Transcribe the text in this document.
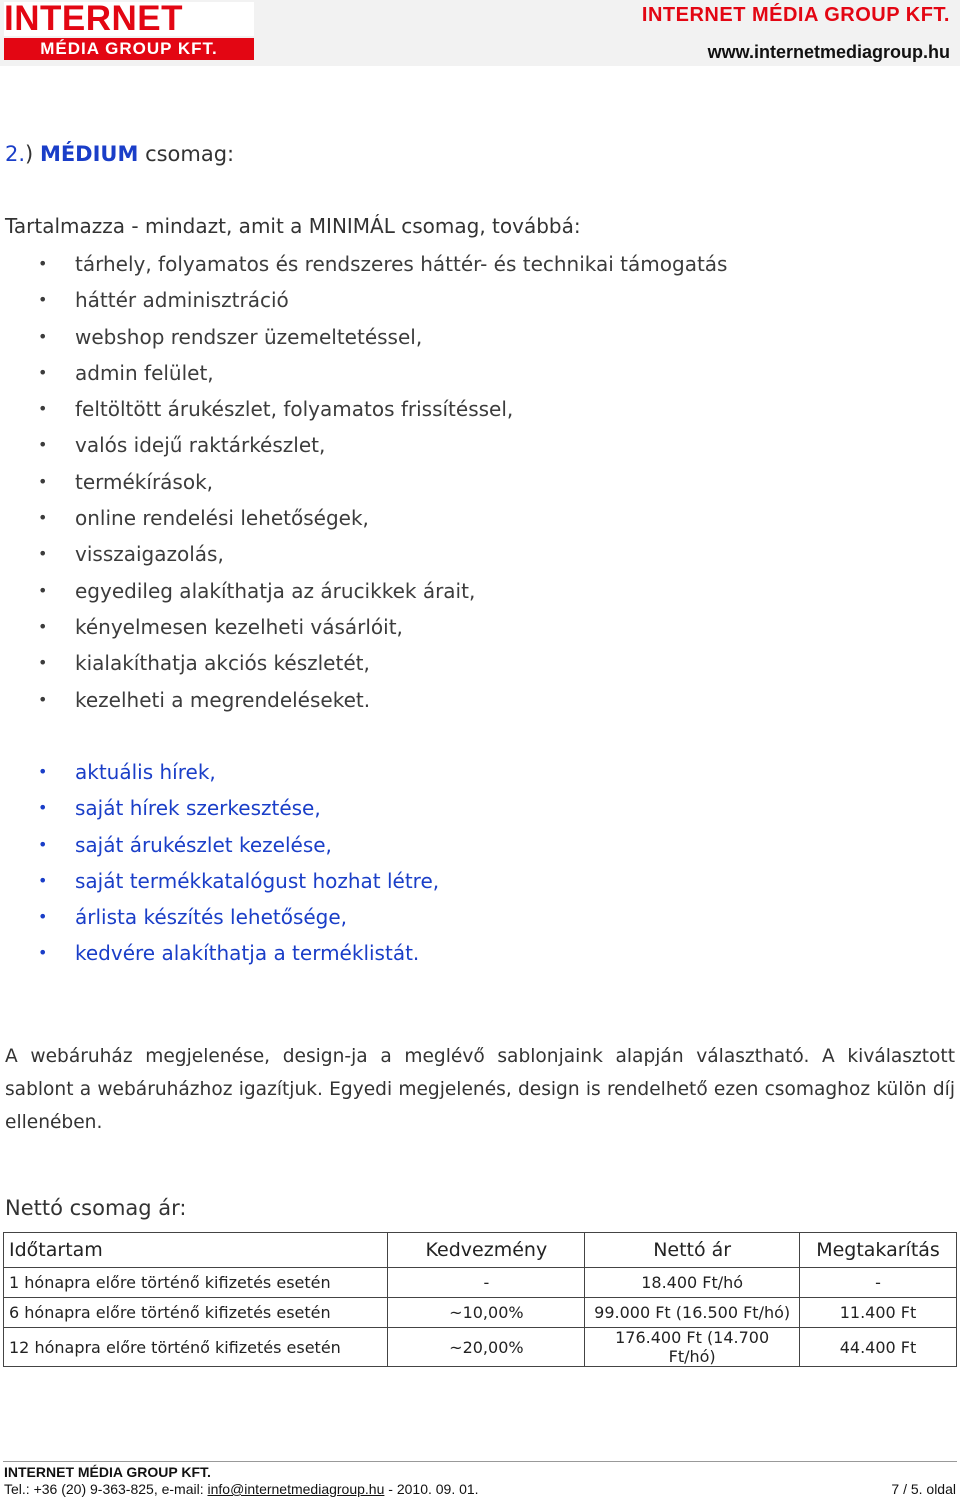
INTERNET
MÉDIA GROUP KFT.
INTERNET MÉDIA GROUP KFT.
www.internetmediagroup.hu
2.) MÉDIUM csomag:
Tartalmazza - mindazt, amit a MINIMÁL csomag, továbbá:
• tárhely, folyamatos és rendszeres háttér- és technikai támogatás
• háttér adminisztráció
• webshop rendszer üzemeltetéssel,
• admin felület,
• feltöltött árukészlet, folyamatos frissítéssel,
• valós idejű raktárkészlet,
• termékírások,
• online rendelési lehetőségek,
• visszaigazolás,
• egyedileg alakíthatja az árucikkek árait,
• kényelmesen kezelheti vásárlóit,
• kialakíthatja akciós készletét,
• kezelheti a megrendeléseket.
• aktuális hírek,
• saját hírek szerkesztése,
• saját árukészlet kezelése,
• saját termékkatalógust hozhat létre,
• árlista készítés lehetősége,
• kedvére alakíthatja a terméklistát.
A webáruház megjelenése, design-ja a meglévő sablonjaink alapján választható. A kiválasztott sablont a webáruházhoz igazítjuk. Egyedi megjelenés, design is rendelhető ezen csomaghoz külön díj ellenében.
Nettó csomag ár:
Időtartam	Kedvezmény	Nettó ár	Megtakarítás
1 hónapra előre történő kifizetés esetén	-	18.400 Ft/hó	-
6 hónapra előre történő kifizetés esetén	~10,00%	99.000 Ft (16.500 Ft/hó)	11.400 Ft
12 hónapra előre történő kifizetés esetén	~20,00%	176.400 Ft (14.700 Ft/hó)	44.400 Ft
INTERNET MÉDIA GROUP KFT.
Tel.: +36 (20) 9-363-825, e-mail: info@internetmediagroup.hu - 2010. 09. 01.	7 / 5. oldal
